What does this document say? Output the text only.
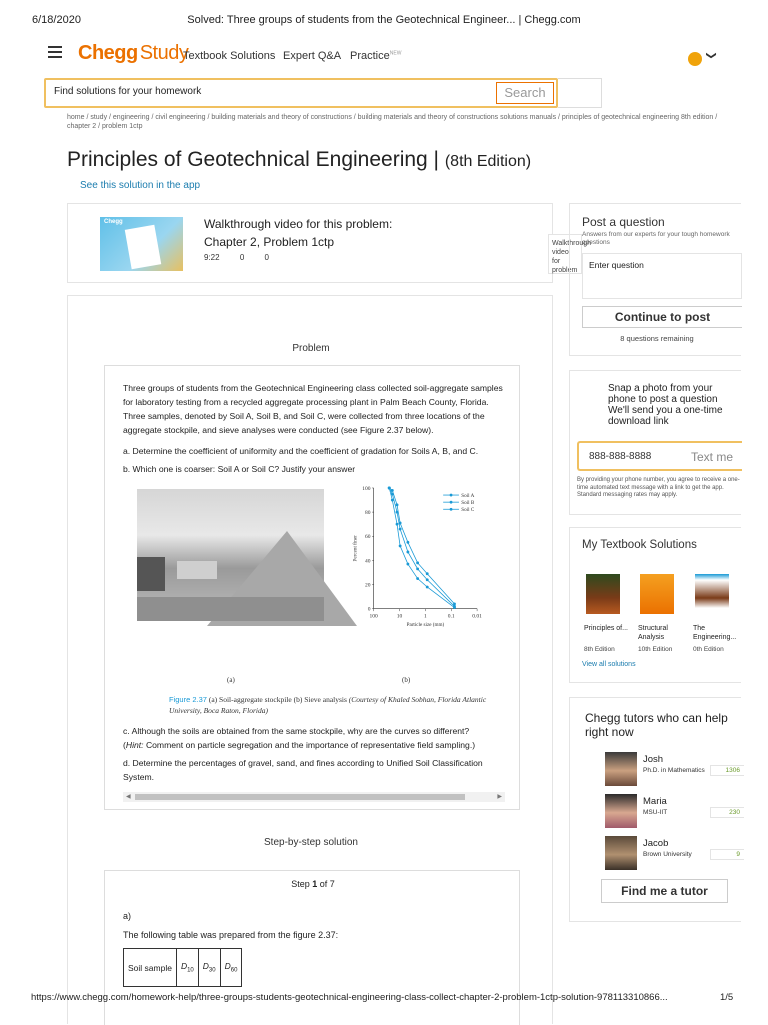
6/18/2020	Solved: Three groups of students from the Geotechnical Engineer... | Chegg.com
Chegg Study
Textbook Solutions Expert Q&A Practice$^{NEW}$	❯
Find solutions for your homework
Search
home / study / engineering / civil engineering / building materials and theory of constructions / building materials and theory of constructions solutions manuals / principles of geotechnical engineering 8th edition / chapter 2 / problem 1ctp
Principles of Geotechnical Engineering | (8th Edition)
See this solution in the app
Chegg	Walkthrough video for this problem:
Chapter 2, Problem 1ctp
9:22	0	0
Walkthrough video for problem
Problem
Three groups of students from the Geotechnical Engineering class collected soil-aggregate samples for laboratory testing from a recycled aggregate processing plant in Palm Beach County, Florida. Three samples, denoted by Soil A, Soil B, and Soil C, were collected from three locations of the aggregate stockpile, and sieve analyses were conducted (see Figure 2.37 below).
a. Determine the coefficient of uniformity and the coefficient of gradation for Soils A, B, and C.
b. Which one is coarser: Soil A or Soil C? Justify your answer
0
20
40
60
80
100
100	10	1	0.1	0.01
Particle size (mm)
Percent finer
Soil A
Soil B
Soil C
(a)	(b)
Figure 2.37 (a) Soil-aggregate stockpile (b) Sieve analysis (Courtesy of Khaled Sobhan, Florida Atlantic University, Boca Raton, Florida)
c. Although the soils are obtained from the same stockpile, why are the curves so different?
(Hint: Comment on particle segregation and the importance of representative field sampling.)
d. Determine the percentages of gravel, sand, and fines according to Unified Soil Classification System.
◀	▶
Step-by-step solution
Step 1 of 7
a)
The following table was prepared from the figure 2.37:
Soil sample	$D_{10}$	$D_{30}$	$D_{60}$
Post a question
Answers from our experts for your tough homework questions
Enter question
Continue to post
8 questions remaining
Snap a photo from your phone to post a question We'll send you a one-time download link
888-888-8888	Text me
By providing your phone number, you agree to receive a one-time automated text message with a link to get the app. Standard messaging rates may apply.
My Textbook Solutions
Principles of...
8th Edition
Structural Analysis
10th Edition
The Engineering...
0th Edition
View all solutions
Chegg tutors who can help right now
Josh
Ph.D. in Mathematics	1306
Maria
MSU-IIT	230
Jacob
Brown University	9
Find me a tutor
https://www.chegg.com/homework-help/three-groups-students-geotechnical-engineering-class-collect-chapter-2-problem-1ctp-solution-978113310866...	1/5
